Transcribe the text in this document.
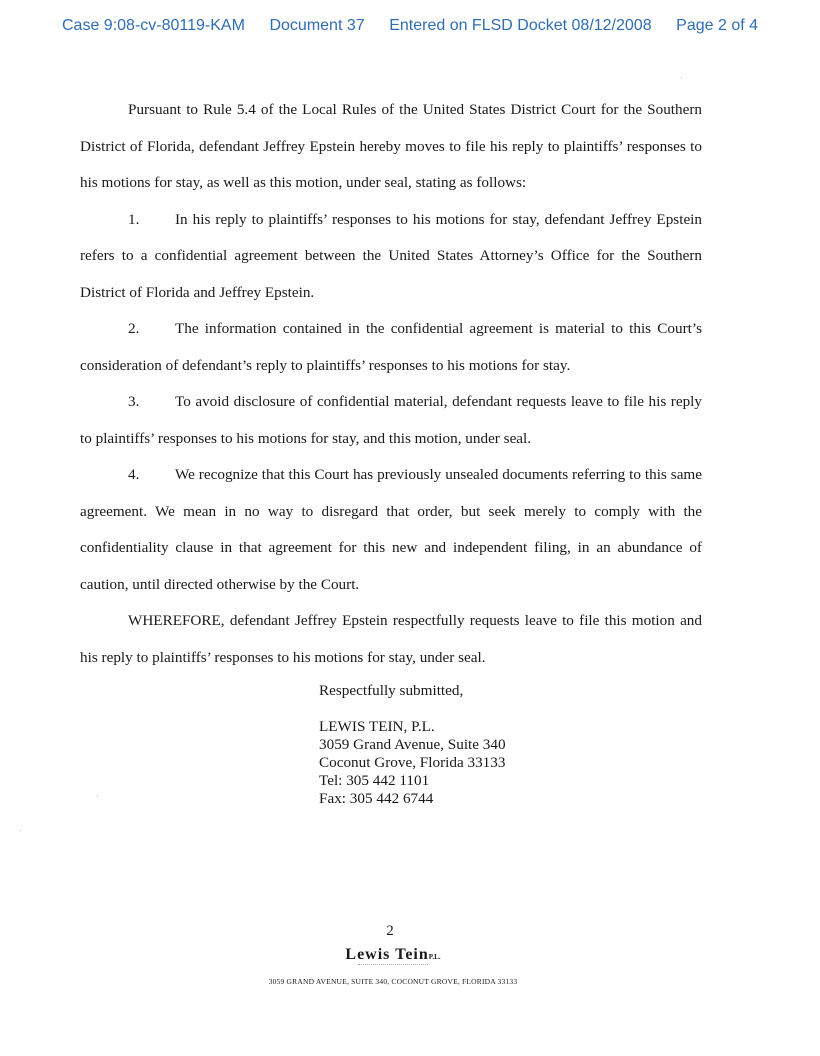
Case 9:08-cv-80119-KAM Document 37 Entered on FLSD Docket 08/12/2008 Page 2 of 4

Pursuant to Rule 5.4 of the Local Rules of the United States District Court for the Southern District of Florida, defendant Jeffrey Epstein hereby moves to file his reply to plaintiffs’ responses to his motions for stay, as well as this motion, under seal, stating as follows:

1. In his reply to plaintiffs’ responses to his motions for stay, defendant Jeffrey Epstein refers to a confidential agreement between the United States Attorney’s Office for the Southern District of Florida and Jeffrey Epstein.

2. The information contained in the confidential agreement is material to this Court’s consideration of defendant’s reply to plaintiffs’ responses to his motions for stay.

3. To avoid disclosure of confidential material, defendant requests leave to file his reply to plaintiffs’ responses to his motions for stay, and this motion, under seal.

4. We recognize that this Court has previously unsealed documents referring to this same agreement. We mean in no way to disregard that order, but seek merely to comply with the confidentiality clause in that agreement for this new and independent filing, in an abundance of caution, until directed otherwise by the Court.

WHEREFORE, defendant Jeffrey Epstein respectfully requests leave to file this motion and his reply to plaintiffs’ responses to his motions for stay, under seal.

Respectfully submitted,
LEWIS TEIN, P.L.
3059 Grand Avenue, Suite 340
Coconut Grove, Florida 33133
Tel: 305 442 1101
Fax: 305 442 6744
2
Lewis TeinP.L.
3059 GRAND AVENUE, SUITE 340, COCONUT GROVE, FLORIDA 33133
